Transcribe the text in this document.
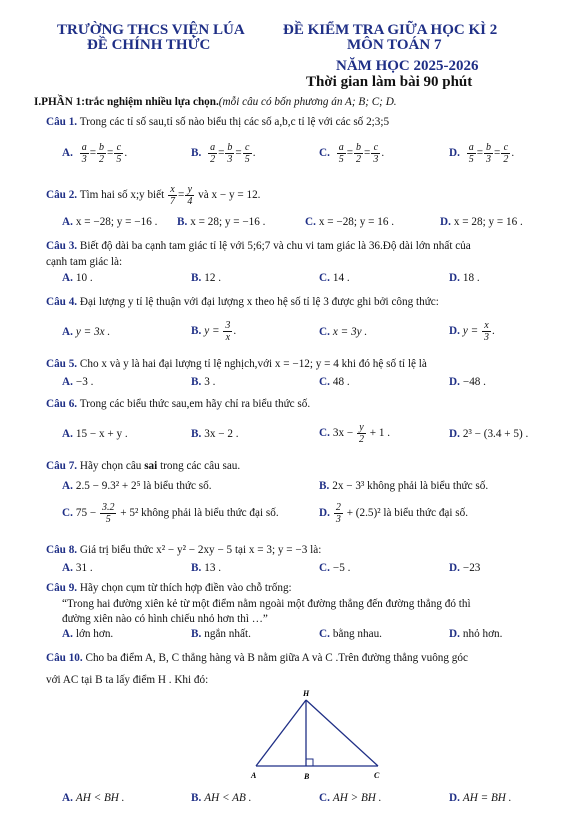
TRƯỜNG THCS VIỆN LÚA
ĐỀ CHÍNH THỨC
ĐỀ KIỂM TRA GIỮA HỌC KÌ 2
MÔN TOÁN 7
NĂM HỌC 2025-2026
Thời gian làm bài 90 phút
I.PHẦN 1:trắc nghiệm nhiều lựa chọn.(mỗi câu có bốn phương án A; B; C; D.
Câu 1. Trong các tỉ số sau,tỉ số nào biểu thị các số a,b,c tỉ lệ với các số 2;3;5
A. $\frac{a}{3} = \frac{b}{2} = \frac{c}{5}$ .	B. $\frac{a}{2} = \frac{b}{3} = \frac{c}{5}$ .	C. $\frac{a}{5} = \frac{b}{2} = \frac{c}{3}$ .	D. $\frac{a}{5} = \frac{b}{3} = \frac{c}{2}$ .
Câu 2. Tìm hai số x;y biết $\frac{x}{7} = \frac{y}{4}$ và x − y = 12.
A. x = −28; y = −16 . B. x = 28; y = −16 .	C. x = −28; y = 16 .	D. x = 28; y = 16 .
Câu 3. Biết độ dài ba cạnh tam giác tỉ lệ với 5;6;7 và chu vi tam giác là 36.Độ dài lớn nhất của
cạnh tam giác là:
A. 10 .	B. 12 .	C. 14 .	D. 18 .
Câu 4. Đại lượng y tỉ lệ thuận với đại lượng x theo hệ số tỉ lệ 3 được ghi bởi công thức:
A. y = 3x .	B. $y = \frac{3}{x}$ .	C. x = 3y .	D. $y = \frac{x}{3}$ .
Câu 5. Cho x và y là hai đại lượng tỉ lệ nghịch,với x = −12; y = 4 khi đó hệ số tỉ lệ là
A. −3 .	B. 3 .	C. 48 .	D. −48 .
Câu 6. Trong các biểu thức sau,em hãy chỉ ra biểu thức số.
A. 15 − x + y .	B. 3x − 2 .	C. $3x - \frac{y}{2} + 1$ .	D. 2³ − (3.4 + 5) .
Câu 7. Hãy chọn câu sai trong các câu sau.
A. 2.5 − 9.3² + 2⁵ là biểu thức số.	B. 2x − 3³ không phải là biểu thức số.
C. $75 - \frac{3.2}{5} + 5^2$ không phải là biểu thức đại số.	D. $\frac{2}{3} + (2.5)^2$ là biểu thức đại số.
Câu 8. Giá trị biểu thức x² − y² − 2xy − 5 tại x = 3; y = −3 là:
A. 31 .	B. 13 .	C. −5 .	D. −23
Câu 9. Hãy chọn cụm từ thích hợp điền vào chỗ trống:
“Trong hai đường xiên kẻ từ một điểm nằm ngoài một đường thẳng đến đường thẳng đó thì
đường xiên nào có hình chiếu nhỏ hơn thì …”
A. lớn hơn.	B. ngắn nhất.	C. bằng nhau.	D. nhỏ hơn.
Câu 10. Cho ba điểm A, B, C thẳng hàng và B nằm giữa A và C .Trên đường thẳng vuông góc
với AC tại B ta lấy điểm H . Khi đó:
H
A	B	C
A. AH < BH .	B. AH < AB .	C. AH > BH .	D. AH = BH .
